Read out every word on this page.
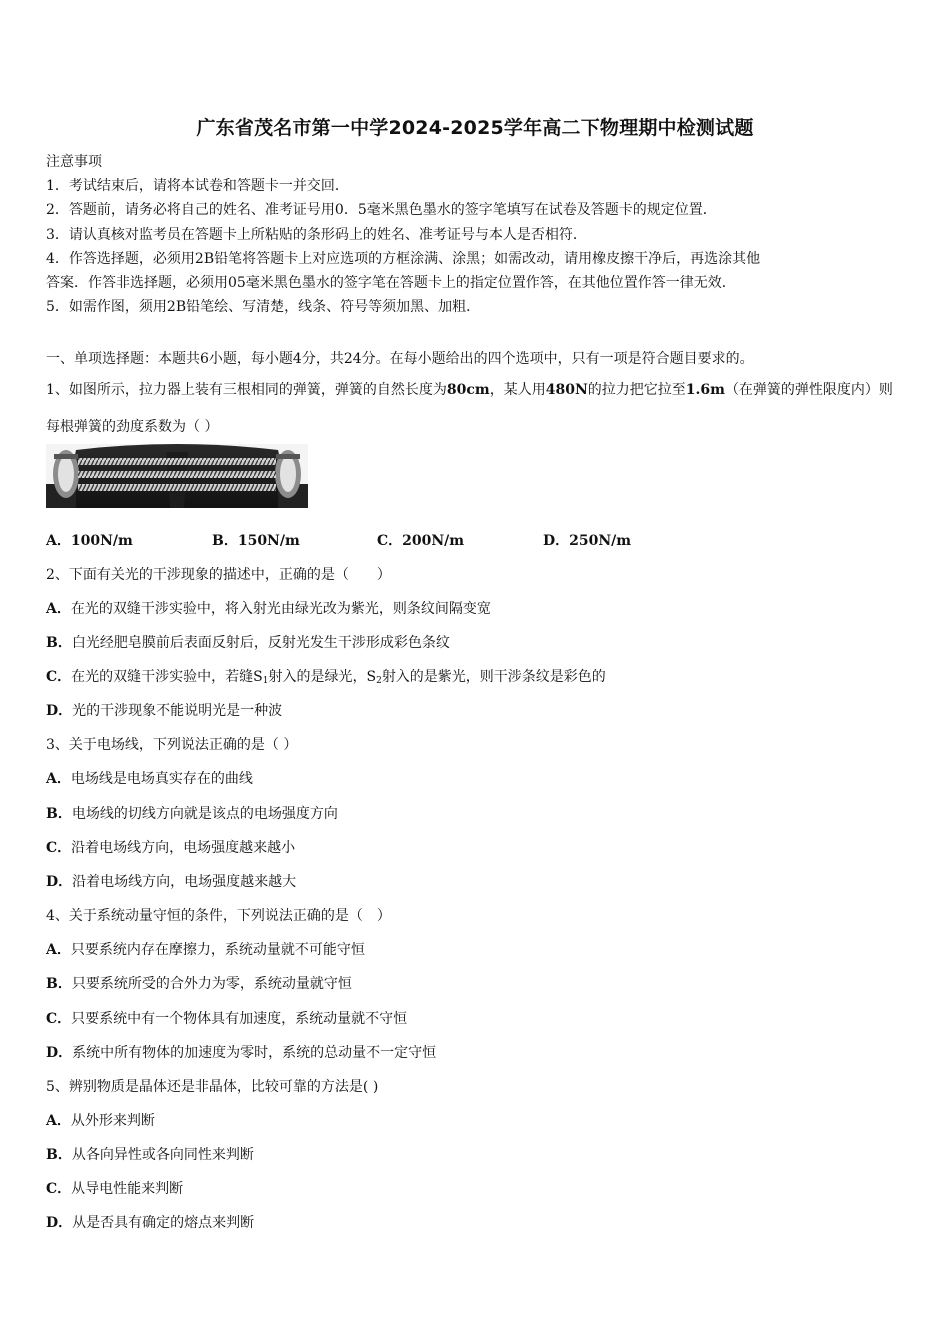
广东省茂名市第一中学2024-2025学年高二下物理期中检测试题

注意事项

1．考试结束后，请将本试卷和答题卡一并交回．

2．答题前，请务必将自己的姓名、准考证号用0．5毫米黑色墨水的签字笔填写在试卷及答题卡的规定位置．

3．请认真核对监考员在答题卡上所粘贴的条形码上的姓名、准考证号与本人是否相符．

4．作答选择题，必须用2B铅笔将答题卡上对应选项的方框涂满、涂黑；如需改动，请用橡皮擦干净后，再选涂其他

答案．作答非选择题，必须用05毫米黑色墨水的签字笔在答题卡上的指定位置作答，在其他位置作答一律无效．

5．如需作图，须用2B铅笔绘、写清楚，线条、符号等须加黑、加粗．

一、单项选择题：本题共6小题，每小题4分，共24分。在每小题给出的四个选项中，只有一项是符合题目要求的。

1、如图所示，拉力器上装有三根相同的弹簧，弹簧的自然长度为80cm，某人用480N的拉力把它拉至1.6m（在弹簧的弹性限度内）则每根弹簧的劲度系数为（ ）

A．100N/m	B．150N/m	C．200N/m	D．250N/m

2、下面有关光的干涉现象的描述中，正确的是（　　）

A．在光的双缝干涉实验中，将入射光由绿光改为紫光，则条纹间隔变宽

B．白光经肥皂膜前后表面反射后，反射光发生干涉形成彩色条纹

C．在光的双缝干涉实验中，若缝$S_1$射入的是绿光，$S_2$射入的是紫光，则干涉条纹是彩色的

D．光的干涉现象不能说明光是一种波

3、关于电场线，下列说法正确的是（ ）

A．电场线是电场真实存在的曲线

B．电场线的切线方向就是该点的电场强度方向

C．沿着电场线方向，电场强度越来越小

D．沿着电场线方向，电场强度越来越大

4、关于系统动量守恒的条件，下列说法正确的是（　）

A．只要系统内存在摩擦力，系统动量就不可能守恒

B．只要系统所受的合外力为零，系统动量就守恒

C．只要系统中有一个物体具有加速度，系统动量就不守恒

D．系统中所有物体的加速度为零时，系统的总动量不一定守恒

5、辨别物质是晶体还是非晶体，比较可靠的方法是( )

A．从外形来判断

B．从各向异性或各向同性来判断

C．从导电性能来判断

D．从是否具有确定的熔点来判断
